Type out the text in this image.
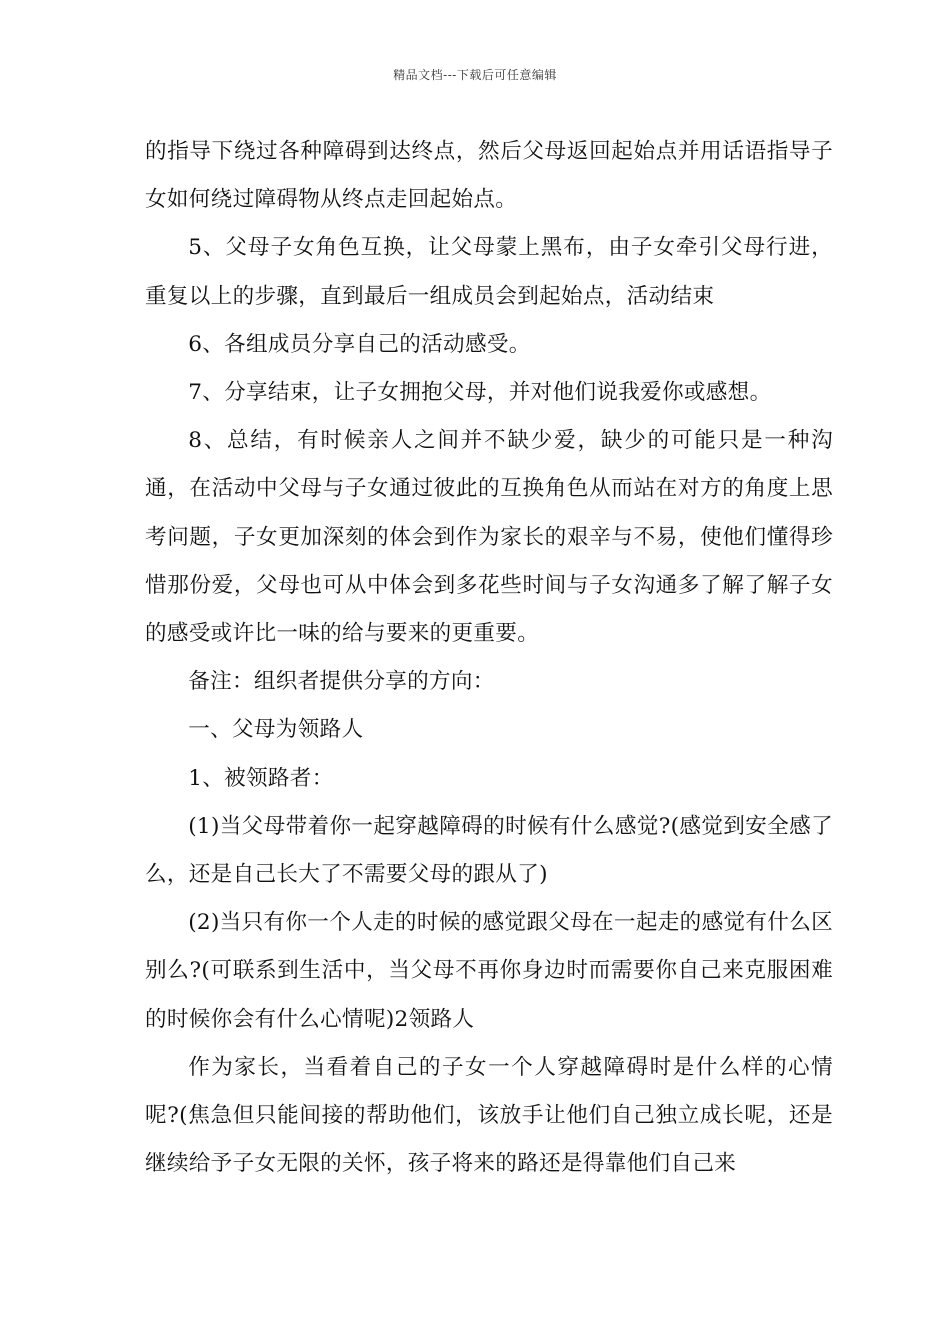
精品文档---下载后可任意编辑

的指导下绕过各种障碍到达终点，然后父母返回起始点并用话语指导子女如何绕过障碍物从终点走回起始点。

5、父母子女角色互换，让父母蒙上黑布，由子女牵引父母行进，重复以上的步骤，直到最后一组成员会到起始点，活动结束

6、各组成员分享自己的活动感受。

7、分享结束，让子女拥抱父母，并对他们说我爱你或感想。

8、总结，有时候亲人之间并不缺少爱，缺少的可能只是一种沟通，在活动中父母与子女通过彼此的互换角色从而站在对方的角度上思考问题，子女更加深刻的体会到作为家长的艰辛与不易，使他们懂得珍惜那份爱，父母也可从中体会到多花些时间与子女沟通多了解了解子女的感受或许比一味的给与要来的更重要。

备注：组织者提供分享的方向：

一、父母为领路人

1、被领路者：

(1)当父母带着你一起穿越障碍的时候有什么感觉?(感觉到安全感了么，还是自己长大了不需要父母的跟从了)

(2)当只有你一个人走的时候的感觉跟父母在一起走的感觉有什么区别么?(可联系到生活中，当父母不再你身边时而需要你自己来克服困难的时候你会有什么心情呢)2领路人

作为家长，当看着自己的子女一个人穿越障碍时是什么样的心情呢?(焦急但只能间接的帮助他们，该放手让他们自己独立成长呢，还是继续给予子女无限的关怀，孩子将来的路还是得靠他们自己来
